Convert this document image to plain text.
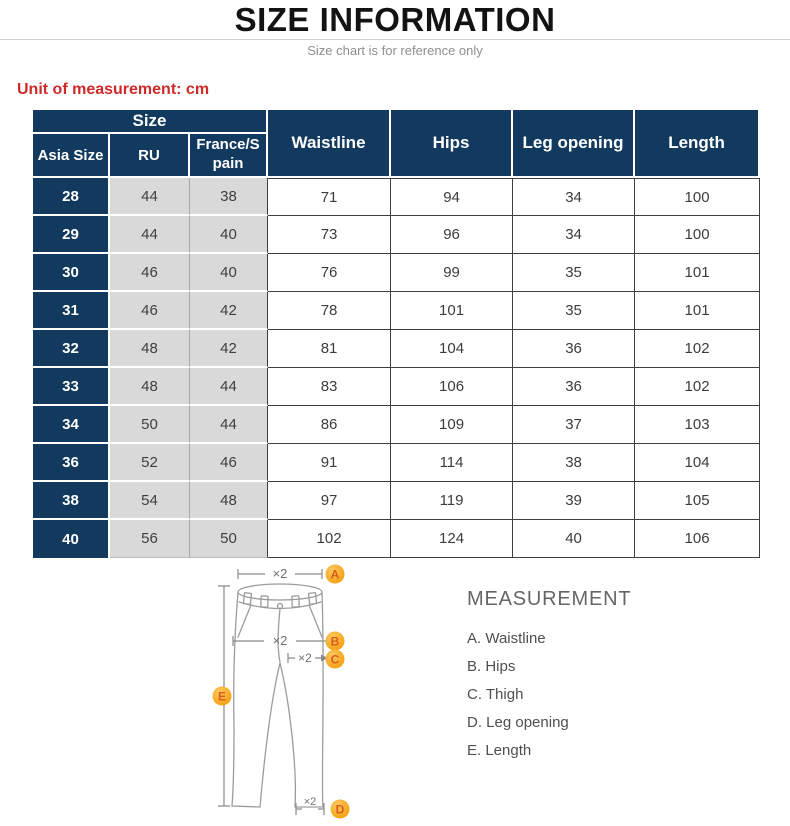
SIZE INFORMATION

Size chart is for reference only

Unit of measurement: cm

Size			Waistline	Hips	Leg opening	Length
Asia Size	RU	France/Spain				
28	44	38	71	94	34	100
29	44	40	73	96	34	100
30	46	40	76	99	35	101
31	46	42	78	101	35	101
32	48	42	81	104	36	102
33	48	44	83	106	36	102
34	50	44	86	109	37	103
36	52	46	91	114	38	104
38	54	48	97	119	39	105
40	56	50	102	124	40	106
×2
×2
×2
×2
A
B
C
E
D
MEASUREMENT
A. Waistline
B. Hips
C. Thigh
D. Leg opening
E. Length
